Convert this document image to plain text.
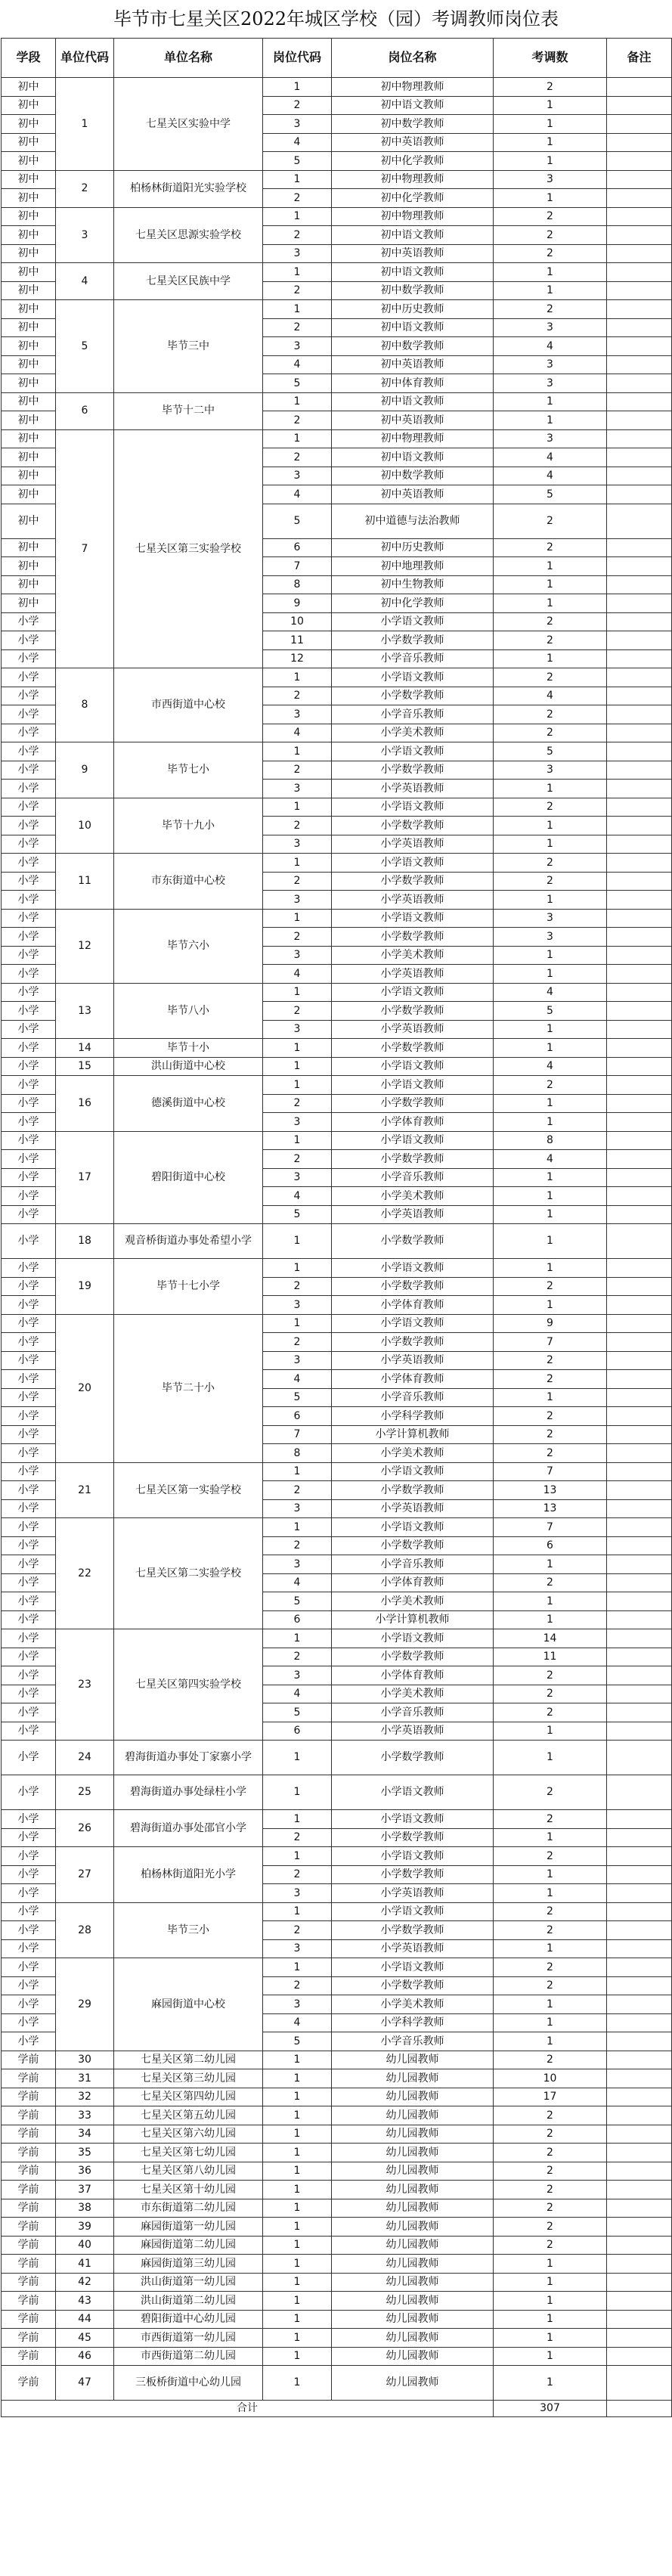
毕节市七星关区2022年城区学校（园）考调教师岗位表
学段	单位代码	单位名称	岗位代码	岗位名称	考调数	备注
初中	1	七星关区实验中学	1	初中物理教师	2	
初中			2	初中语文教师	1	
初中			3	初中数学教师	1	
初中			4	初中英语教师	1	
初中			5	初中化学教师	1	
初中	2	柏杨林街道阳光实验学校	1	初中物理教师	3	
初中			2	初中化学教师	1	
初中	3	七星关区思源实验学校	1	初中物理教师	2	
初中			2	初中语文教师	2	
初中			3	初中英语教师	2	
初中	4	七星关区民族中学	1	初中语文教师	1	
初中			2	初中数学教师	1	
初中	5	毕节三中	1	初中历史教师	2	
初中			2	初中语文教师	3	
初中			3	初中数学教师	4	
初中			4	初中英语教师	3	
初中			5	初中体育教师	3	
初中	6	毕节十二中	1	初中语文教师	1	
初中			2	初中英语教师	1	
初中	7	七星关区第三实验学校	1	初中物理教师	3	
初中			2	初中语文教师	4	
初中			3	初中数学教师	4	
初中			4	初中英语教师	5	
初中			5	初中道德与法治教师	2	
初中			6	初中历史教师	2	
初中			7	初中地理教师	1	
初中			8	初中生物教师	1	
初中			9	初中化学教师	1	
小学			10	小学语文教师	2	
小学			11	小学数学教师	2	
小学			12	小学音乐教师	1	
小学	8	市西街道中心校	1	小学语文教师	2	
小学			2	小学数学教师	4	
小学			3	小学音乐教师	2	
小学			4	小学美术教师	2	
小学	9	毕节七小	1	小学语文教师	5	
小学			2	小学数学教师	3	
小学			3	小学英语教师	1	
小学	10	毕节十九小	1	小学语文教师	2	
小学			2	小学数学教师	1	
小学			3	小学英语教师	1	
小学	11	市东街道中心校	1	小学语文教师	2	
小学			2	小学数学教师	2	
小学			3	小学英语教师	1	
小学	12	毕节六小	1	小学语文教师	3	
小学			2	小学数学教师	3	
小学			3	小学美术教师	1	
小学			4	小学英语教师	1	
小学	13	毕节八小	1	小学语文教师	4	
小学			2	小学数学教师	5	
小学			3	小学英语教师	1	
小学	14	毕节十小	1	小学数学教师	1	
小学	15	洪山街道中心校	1	小学语文教师	4	
小学	16	德溪街道中心校	1	小学语文教师	2	
小学			2	小学数学教师	1	
小学			3	小学体育教师	1	
小学	17	碧阳街道中心校	1	小学语文教师	8	
小学			2	小学数学教师	4	
小学			3	小学音乐教师	1	
小学			4	小学美术教师	1	
小学			5	小学英语教师	1	
小学	18	观音桥街道办事处希望小学	1	小学数学教师	1	
小学	19	毕节十七小学	1	小学语文教师	1	
小学			2	小学数学教师	2	
小学			3	小学体育教师	1	
小学	20	毕节二十小	1	小学语文教师	9	
小学			2	小学数学教师	7	
小学			3	小学英语教师	2	
小学			4	小学体育教师	2	
小学			5	小学音乐教师	1	
小学			6	小学科学教师	2	
小学			7	小学计算机教师	2	
小学			8	小学美术教师	2	
小学	21	七星关区第一实验学校	1	小学语文教师	7	
小学			2	小学数学教师	13	
小学			3	小学英语教师	13	
小学	22	七星关区第二实验学校	1	小学语文教师	7	
小学			2	小学数学教师	6	
小学			3	小学音乐教师	1	
小学			4	小学体育教师	2	
小学			5	小学美术教师	1	
小学			6	小学计算机教师	1	
小学	23	七星关区第四实验学校	1	小学语文教师	14	
小学			2	小学数学教师	11	
小学			3	小学体育教师	2	
小学			4	小学美术教师	2	
小学			5	小学音乐教师	2	
小学			6	小学英语教师	1	
小学	24	碧海街道办事处丁家寨小学	1	小学数学教师	1	
小学	25	碧海街道办事处绿柱小学	1	小学语文教师	2	
小学	26	碧海街道办事处邵官小学	1	小学语文教师	2	
小学			2	小学数学教师	1	
小学	27	柏杨林街道阳光小学	1	小学语文教师	2	
小学			2	小学数学教师	1	
小学			3	小学英语教师	1	
小学	28	毕节三小	1	小学语文教师	2	
小学			2	小学数学教师	2	
小学			3	小学英语教师	1	
小学	29	麻园街道中心校	1	小学语文教师	2	
小学			2	小学数学教师	2	
小学			3	小学美术教师	1	
小学			4	小学科学教师	1	
小学			5	小学音乐教师	1	
学前	30	七星关区第二幼儿园	1	幼儿园教师	2	
学前	31	七星关区第三幼儿园	1	幼儿园教师	10	
学前	32	七星关区第四幼儿园	1	幼儿园教师	17	
学前	33	七星关区第五幼儿园	1	幼儿园教师	2	
学前	34	七星关区第六幼儿园	1	幼儿园教师	2	
学前	35	七星关区第七幼儿园	1	幼儿园教师	2	
学前	36	七星关区第八幼儿园	1	幼儿园教师	2	
学前	37	七星关区第十幼儿园	1	幼儿园教师	2	
学前	38	市东街道第二幼儿园	1	幼儿园教师	2	
学前	39	麻园街道第一幼儿园	1	幼儿园教师	2	
学前	40	麻园街道第二幼儿园	1	幼儿园教师	2	
学前	41	麻园街道第三幼儿园	1	幼儿园教师	1	
学前	42	洪山街道第一幼儿园	1	幼儿园教师	1	
学前	43	洪山街道第二幼儿园	1	幼儿园教师	1	
学前	44	碧阳街道中心幼儿园	1	幼儿园教师	1	
学前	45	市西街道第一幼儿园	1	幼儿园教师	1	
学前	46	市西街道第二幼儿园	1	幼儿园教师	1	
学前	47	三板桥街道中心幼儿园	1	幼儿园教师	1	
合计					307	
